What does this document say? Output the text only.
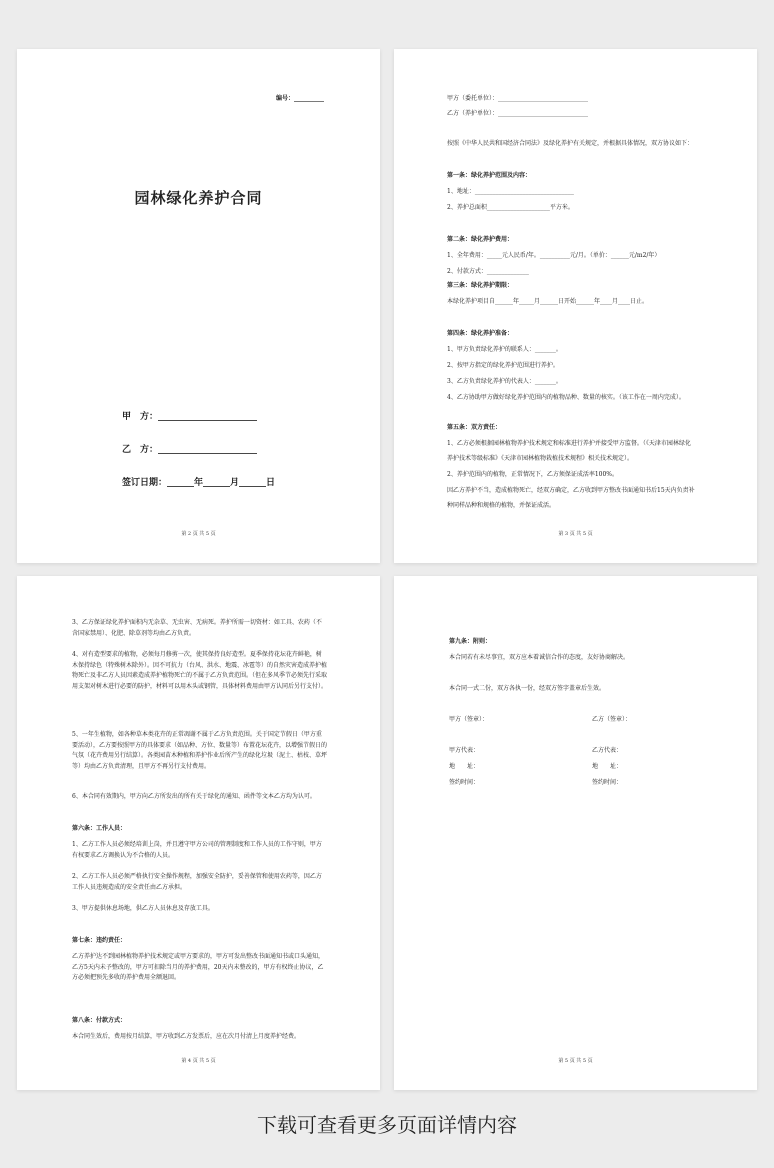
编号：__________
园林绿化养护合同
甲　方：______________________
乙　方：______________________
签订日期：______年______月______日
第 2 页 共 5 页
甲方（委托单位）：______________________________
乙方（养护单位）：______________________________
按照《中华人民共和国经济合同法》及绿化养护有关规定，并根据具体情况，双方协议如下：
第一条：绿化养护范围及内容：
1、地址：_________________________________
2、养护总面积_____________________平方米。
第二条：绿化养护费用：
1、全年费用：_____元人民币/年。__________元/月。（单价：______元/m2/年）
2、付款方式：______________
第三条：绿化养护期限：
本绿化养护项目自______年_____月______日开始______年____月____日止。
第四条：绿化养护准备：
1、甲方负责绿化养护的联系人：_______。
2、按甲方指定的绿化养护范围进行养护。
3、乙方负责绿化养护的代表人：_______。
4、乙方协助甲方做好绿化养护范围内的植物品种、数量的核实。（该工作在一周内完成）。
第五条：双方责任：
1、乙方必须根据园林植物养护技术规定和标准进行养护并接受甲方监督。（《天津市园林绿化
养护技术等级标准》《天津市园林植物栽植技术规程》相关技术规定）。
2、养护范围内的植物，正常情况下，乙方须保证成活率100%。
因乙方养护不当，造成植物死亡，经双方确定，乙方收到甲方整改书面通知书后15天内负责补
种同样品种和规格的植物，并保证成活。
第 3 页 共 5 页
3、乙方保证绿化养护面积内无杂草、无虫害、无病死。养护所需一切资材：如工具、农药（不含国家禁用）、化肥、除草剂等均由乙方负责。
4、对有造型要求的植物，必须每月修剪一次，使其保持良好造型。夏季保持花坛花卉鲜艳，树木保持绿色（特殊树木除外）。因不可抗力（台风、洪水、地震、冰雹等）的自然灾害造成养护植物死亡及非乙方人员因素造成养护植物死亡的不属于乙方负责范围。（但在多风季节必须先行采取用支架对树木进行必要的防护，材料可以用木头或钢管，具体材料费用由甲方认同后另行支付）。
5、一年生植物，如各种草本类花卉的正常凋谢不属于乙方负责范围。关于国定节假日（甲方重要活动），乙方要按照甲方的具体要求（如品种、方位、数量等）布置花坛花卉，以增强节假日的气氛（花卉费用另行结算）。各类园苗木种植和养护作业后所产生的绿化垃圾（泥土、枯枝、草坪等）均由乙方负责清理，且甲方不再另行支付费用。
6、本合同有效期内，甲方向乙方所发出的所有关于绿化的通知、函件等文本乙方均为认可。
第六条：工作人员：
1、乙方工作人员必须经培训上岗，并且遵守甲方公司的管理制度和工作人员的工作守则，甲方有权要求乙方调换认为不合格的人员。
2、乙方工作人员必须严格执行安全操作规程，加强安全防护，妥善保管和使用农药等，因乙方工作人员违规造成的安全责任由乙方承担。
3、甲方提供休息场地，供乙方人员休息及存放工具。
第七条：违约责任：
乙方养护达不到园林植物养护技术规定或甲方要求的，甲方可发出整改书面通知书或口头通知，乙方5天内未予整改的，甲方可扣除当月的养护费用，20天内未整改的，甲方有权终止协议，乙方必须把预先多收的养护费用全额退回。
第八条：付款方式：
本合同生效后，费用按月结算，甲方收到乙方发票后，应在次月付清上月度养护经费。
第 4 页 共 5 页
第九条：附则：
本合同若有未尽事宜，双方应本着诚信合作的态度，友好协商解决。
本合同一式二份，双方各执一份，经双方签字盖章后生效。
甲方（签章）：
甲方代表：
地　　址：
签约时间：
乙方（签章）：
乙方代表：
地　　址：
签约时间：
第 5 页 共 5 页
下载可查看更多页面详情内容
